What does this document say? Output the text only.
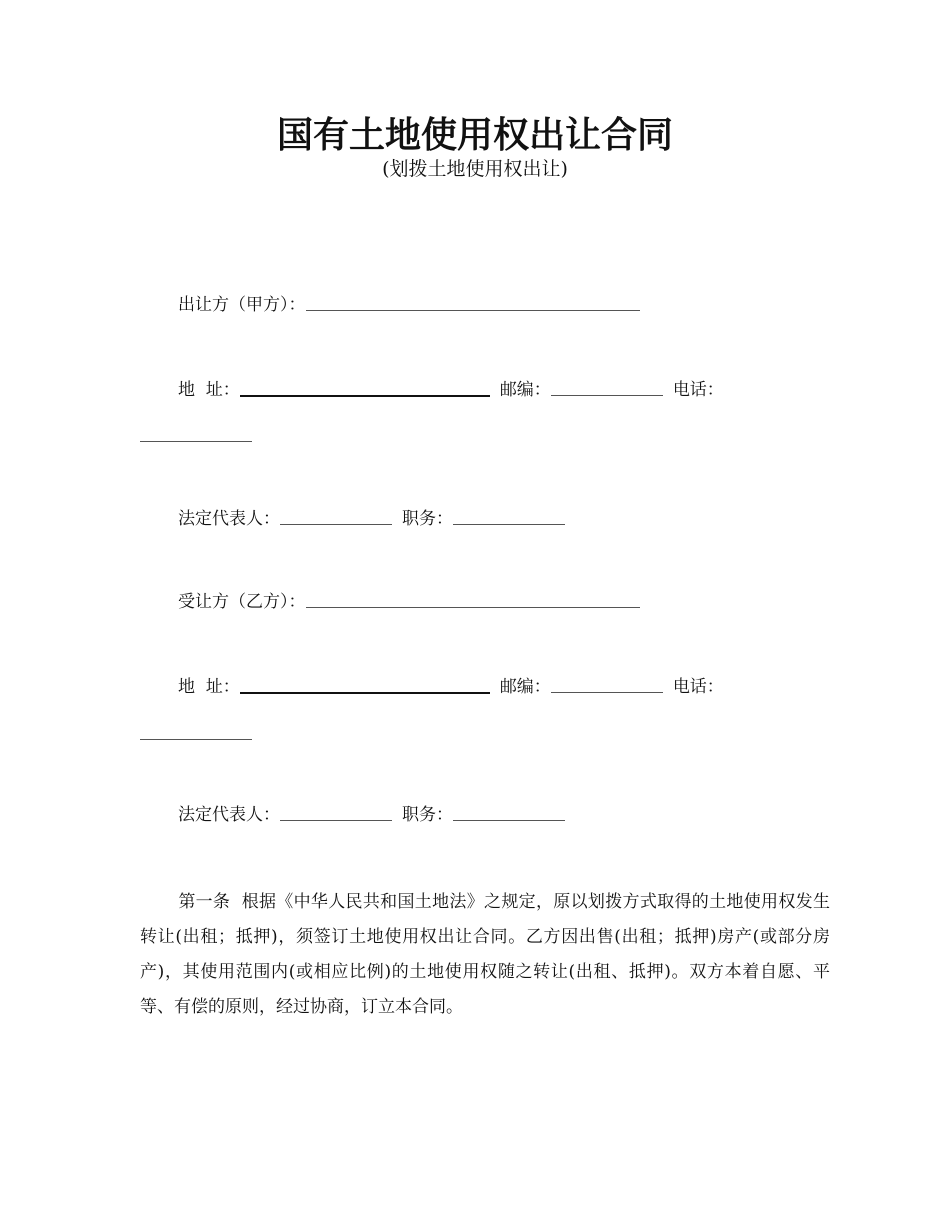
国有土地使用权出让合同
(划拨土地使用权出让)
出让方（甲方）：
地  址：	邮编：	电话：
法定代表人：	职务：
受让方（乙方）：
地  址：	邮编：	电话：
法定代表人：	职务：

第一条 根据《中华人民共和国土地法》之规定，原以划拨方式取得的土地使用权发生转让(出租；抵押)，须签订土地使用权出让合同。乙方因出售(出租；抵押)房产(或部分房产)，其使用范围内(或相应比例)的土地使用权随之转让(出租、抵押)。双方本着自愿、平等、有偿的原则，经过协商，订立本合同。
